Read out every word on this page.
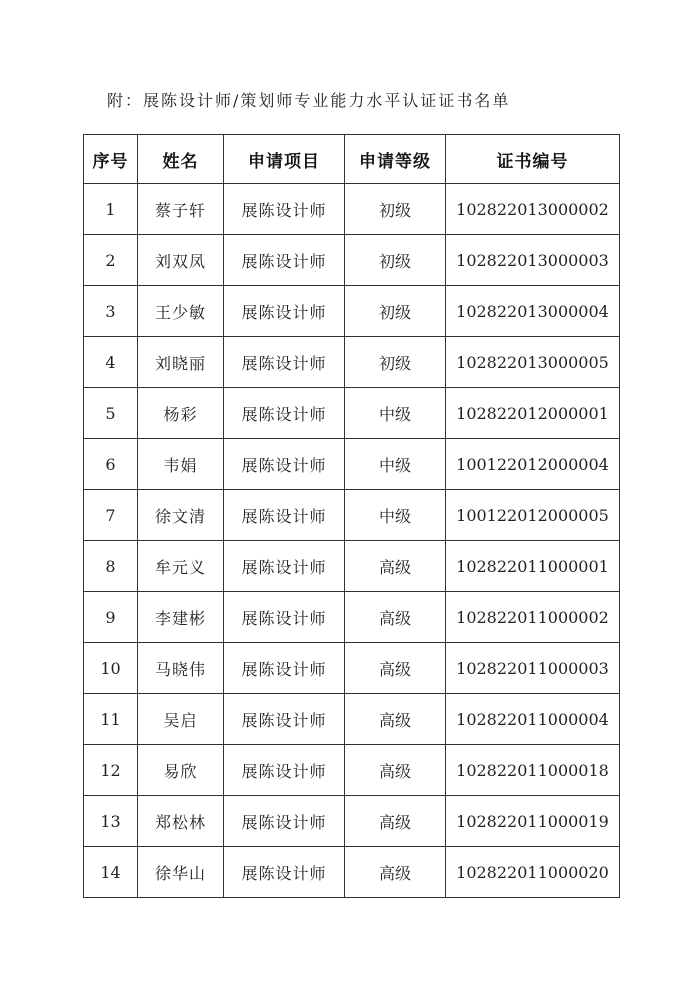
附：展陈设计师/策划师专业能力水平认证证书名单
序号	姓名	申请项目	申请等级	证书编号
1	蔡子轩	展陈设计师	初级	102822013000002
2	刘双凤	展陈设计师	初级	102822013000003
3	王少敏	展陈设计师	初级	102822013000004
4	刘晓丽	展陈设计师	初级	102822013000005
5	杨彩	展陈设计师	中级	102822012000001
6	韦娟	展陈设计师	中级	100122012000004
7	徐文清	展陈设计师	中级	100122012000005
8	牟元义	展陈设计师	高级	102822011000001
9	李建彬	展陈设计师	高级	102822011000002
10	马晓伟	展陈设计师	高级	102822011000003
11	吴启	展陈设计师	高级	102822011000004
12	易欣	展陈设计师	高级	102822011000018
13	郑松林	展陈设计师	高级	102822011000019
14	徐华山	展陈设计师	高级	102822011000020
